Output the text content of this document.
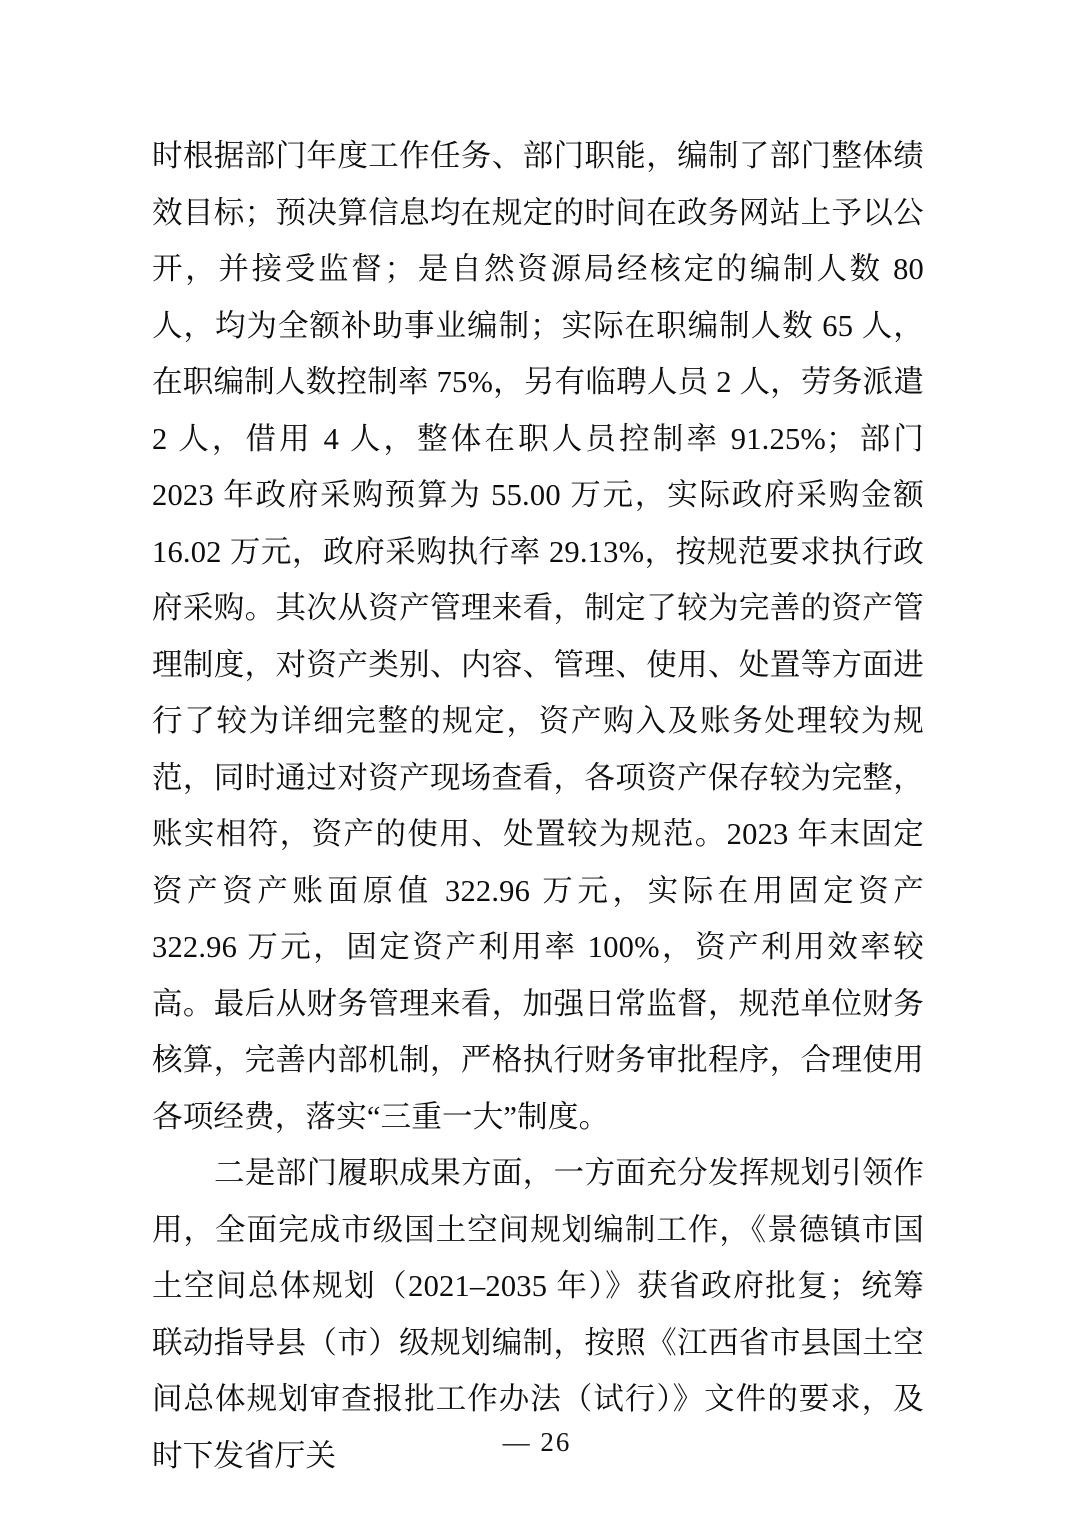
时根据部门年度工作任务、部门职能，编制了部门整体绩效目标；预决算信息均在规定的时间在政务网站上予以公开，并接受监督；是自然资源局经核定的编制人数 80 人，均为全额补助事业编制；实际在职编制人数 65 人，在职编制人数控制率 75%，另有临聘人员 2 人，劳务派遣 2 人，借用 4 人，整体在职人员控制率 91.25%；部门 2023 年政府采购预算为 55.00 万元，实际政府采购金额 16.02 万元，政府采购执行率 29.13%，按规范要求执行政府采购。其次从资产管理来看，制定了较为完善的资产管理制度，对资产类别、内容、管理、使用、处置等方面进行了较为详细完整的规定，资产购入及账务处理较为规范，同时通过对资产现场查看，各项资产保存较为完整，账实相符，资产的使用、处置较为规范。2023 年末固定资产资产账面原值 322.96 万元，实际在用固定资产 322.96 万元，固定资产利用率 100%，资产利用效率较高。最后从财务管理来看，加强日常监督，规范单位财务核算，完善内部机制，严格执行财务审批程序，合理使用各项经费，落实“三重一大”制度。

二是部门履职成果方面，一方面充分发挥规划引领作用，全面完成市级国土空间规划编制工作，《景德镇市国土空间总体规划（2021–2035 年）》获省政府批复；统筹联动指导县（市）级规划编制，按照《江西省市县国土空间总体规划审查报批工作办法（试行）》文件的要求，及时下发省厅关	— 26
